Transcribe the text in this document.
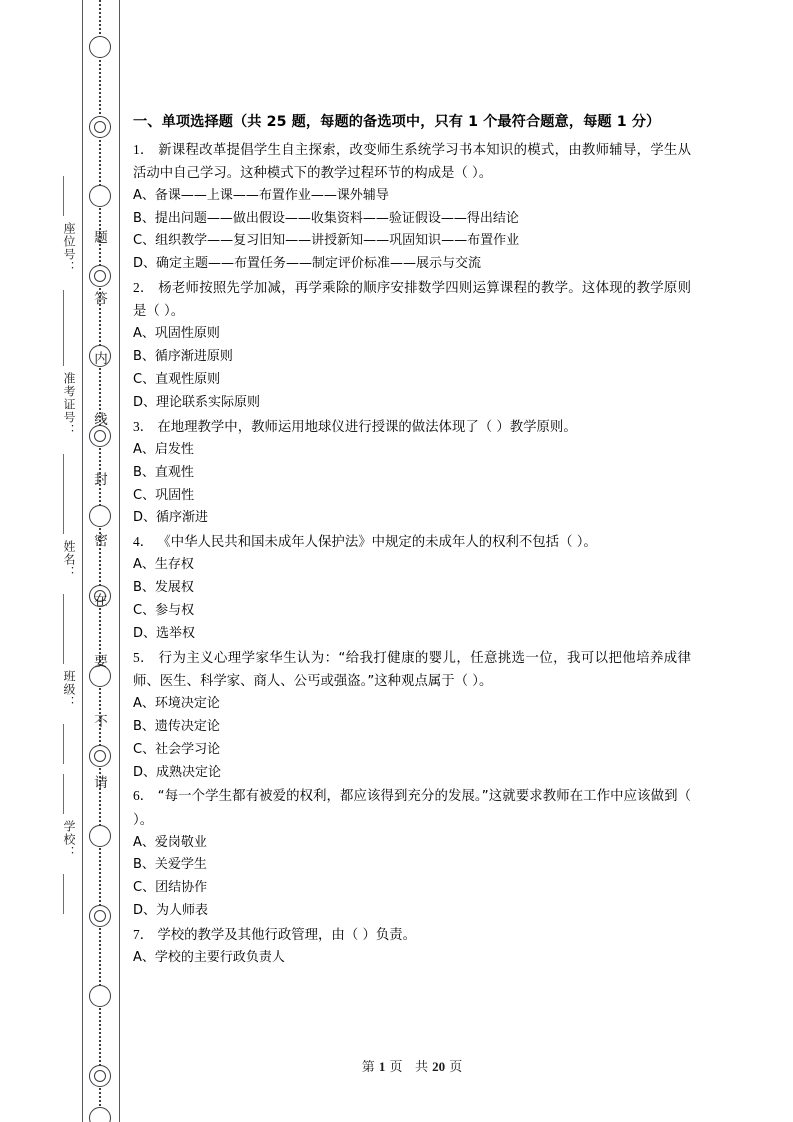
题
答
内
线
封
密
在
要
不
请
座位号：
准考证号：
姓名：
班级：
学校：

一、单项选择题（共 25 题，每题的备选项中，只有 1 个最符合题意，每题 1 分）

1． 新课程改革提倡学生自主探索，改变师生系统学习书本知识的模式，由教师辅导，学生从活动中自己学习。这种模式下的教学过程环节的构成是（ ）。

A、备课——上课——布置作业——课外辅导

B、提出问题——做出假设——收集资料——验证假设——得出结论

C、组织教学——复习旧知——讲授新知——巩固知识——布置作业

D、确定主题——布置任务——制定评价标准——展示与交流

2． 杨老师按照先学加减，再学乘除的顺序安排数学四则运算课程的教学。这体现的教学原则是（ ）。

A、巩固性原则

B、循序渐进原则

C、直观性原则

D、理论联系实际原则

3． 在地理教学中，教师运用地球仪进行授课的做法体现了（ ）教学原则。

A、启发性

B、直观性

C、巩固性

D、循序渐进

4． 《中华人民共和国未成年人保护法》中规定的未成年人的权利不包括（ ）。

A、生存权

B、发展权

C、参与权

D、选举权

5． 行为主义心理学家华生认为：“给我打健康的婴儿，任意挑选一位，我可以把他培养成律师、医生、科学家、商人、公丐或强盗。”这种观点属于（ ）。

A、环境决定论

B、遗传决定论

C、社会学习论

D、成熟决定论

6． “每一个学生都有被爱的权利，都应该得到充分的发展。”这就要求教师在工作中应该做到（ ）。

A、爱岗敬业

B、关爱学生

C、团结协作

D、为人师表

7． 学校的教学及其他行政管理，由（ ）负责。

A、学校的主要行政负责人

第 1 页 共 20 页
